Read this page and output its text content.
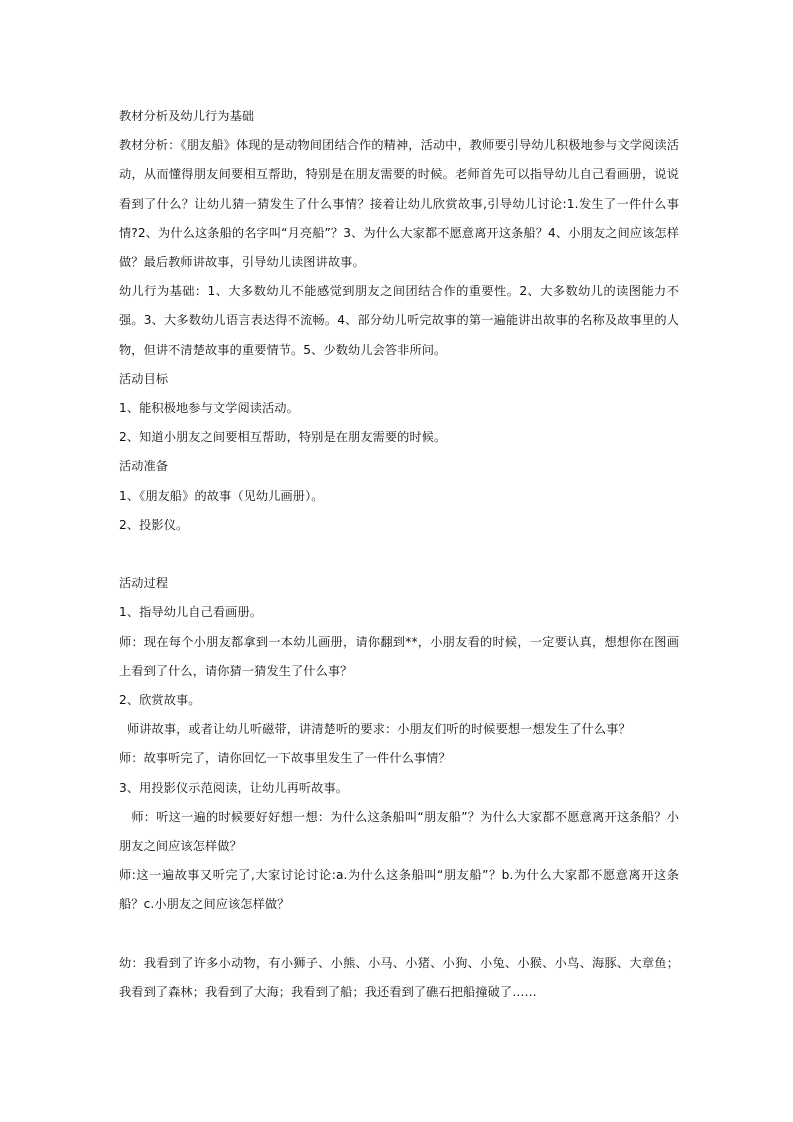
教材分析及幼儿行为基础

教材分析：《朋友船》体现的是动物间团结合作的精神，活动中，教师要引导幼儿积极地参与文学阅读活动，从而懂得朋友间要相互帮助，特别是在朋友需要的时候。老师首先可以指导幼儿自己看画册，说说看到了什么？让幼儿猜一猜发生了什么事情？接着让幼儿欣赏故事,引导幼儿讨论:1.发生了一件什么事情?2、为什么这条船的名字叫“月亮船”？3、为什么大家都不愿意离开这条船？4、小朋友之间应该怎样做？最后教师讲故事，引导幼儿读图讲故事。

幼儿行为基础：1、大多数幼儿不能感觉到朋友之间团结合作的重要性。2、大多数幼儿的读图能力不强。3、大多数幼儿语言表达得不流畅。4、部分幼儿听完故事的第一遍能讲出故事的名称及故事里的人物，但讲不清楚故事的重要情节。5、少数幼儿会答非所问。

活动目标

1、能积极地参与文学阅读活动。

2、知道小朋友之间要相互帮助，特别是在朋友需要的时候。

活动准备

1、《朋友船》的故事（见幼儿画册）。

2、投影仪。

活动过程

1、指导幼儿自己看画册。

师：现在每个小朋友都拿到一本幼儿画册，请你翻到**，小朋友看的时候，一定要认真，想想你在图画上看到了什么，请你猜一猜发生了什么事？

2、欣赏故事。

师讲故事，或者让幼儿听磁带，讲清楚听的要求：小朋友们听的时候要想一想发生了什么事？

师：故事听完了，请你回忆一下故事里发生了一件什么事情？

3、用投影仪示范阅读，让幼儿再听故事。

师：听这一遍的时候要好好想一想：为什么这条船叫“朋友船”？为什么大家都不愿意离开这条船？小朋友之间应该怎样做？

师:这一遍故事又听完了,大家讨论讨论:a.为什么这条船叫“朋友船”？b.为什么大家都不愿意离开这条船？c.小朋友之间应该怎样做？

幼：我看到了许多小动物，有小狮子、小熊、小马、小猪、小狗、小兔、小猴、小鸟、海豚、大章鱼；我看到了森林；我看到了大海；我看到了船；我还看到了礁石把船撞破了……
